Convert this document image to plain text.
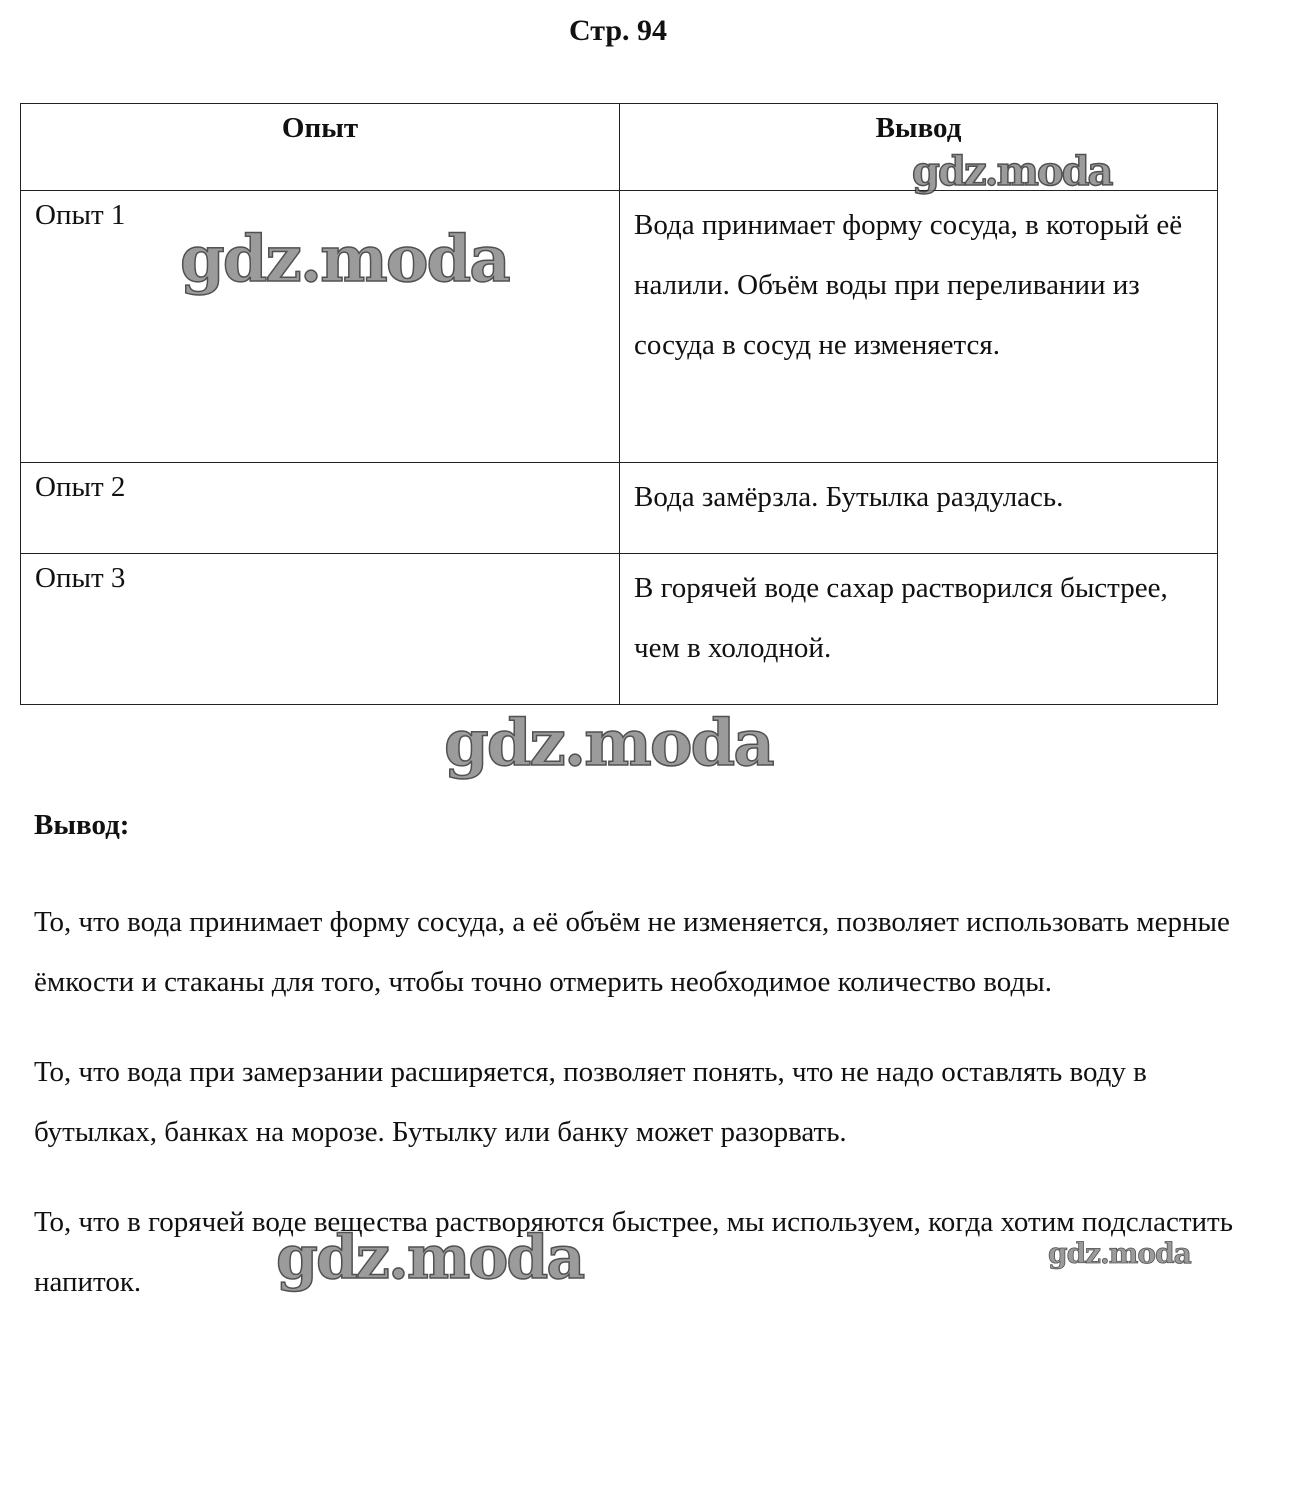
Стр. 94
Опыт	Вывод
Опыт 1	Вода принимает форму сосуда, в который её налили. Объём воды при переливании из сосуда в сосуд не изменяется.
Опыт 2	Вода замёрзла. Бутылка раздулась.
Опыт 3	В горячей воде сахар растворился быстрее, чем в холодной.
Вывод:

То, что вода принимает форму сосуда, а её объём не изменяется, позволяет использовать мерные ёмкости и стаканы для того, чтобы точно отмерить необходимое количество воды.

То, что вода при замерзании расширяется, позволяет понять, что не надо оставлять воду в бутылках, банках на морозе. Бутылку или банку может разорвать.

То, что в горячей воде вещества растворяются быстрее, мы используем, когда хотим подсластить напиток.

gdz.moda
gdz.moda
gdz.moda
gdz.moda	gdz.moda
